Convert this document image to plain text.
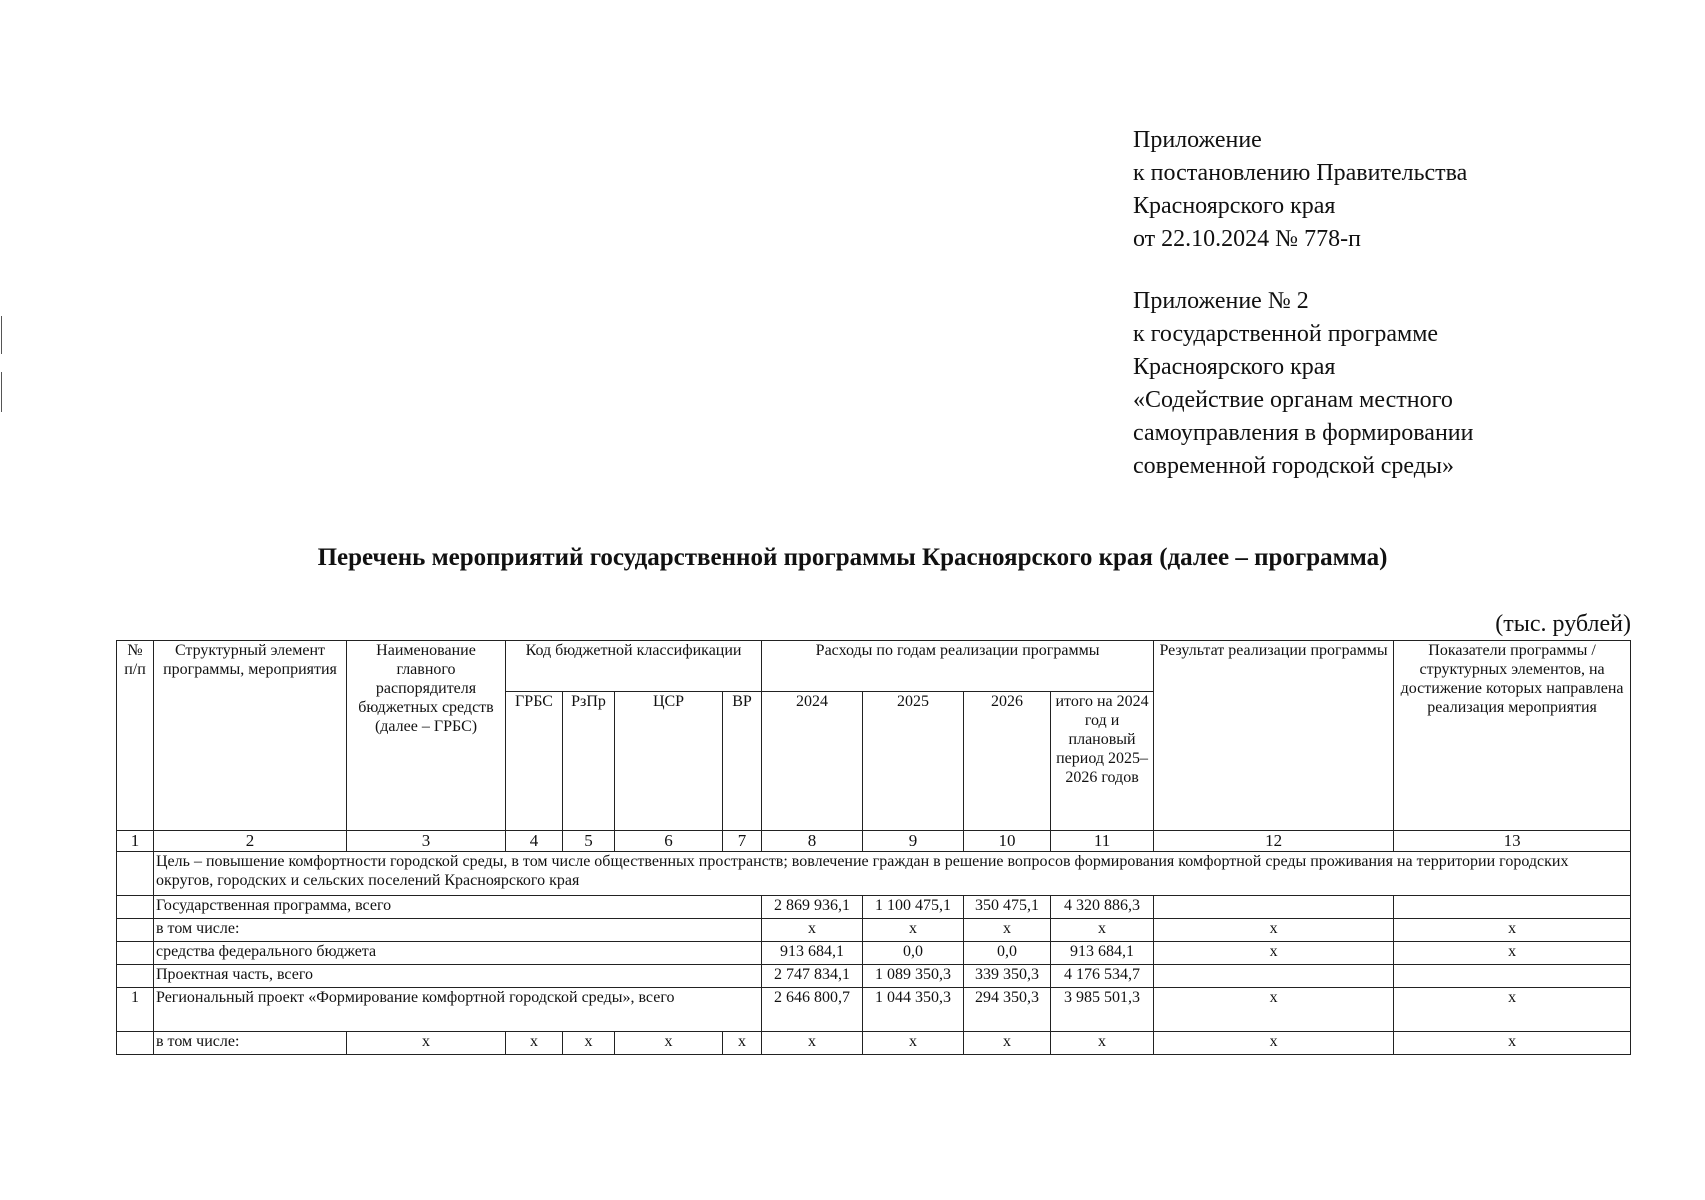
Приложение
к постановлению Правительства
Красноярского края
от 22.10.2024 № 778-п
Приложение № 2
к государственной программе
Красноярского края
«Содействие органам местного
самоуправления в формировании
современной городской среды»
Перечень мероприятий государственной программы Красноярского края (далее – программа)
(тыс. рублей)
№ п/п	Структурный элемент программы, мероприятия	Наименование главного распорядителя бюджетных средств (далее – ГРБС)	Код бюджетной классификации				Расходы по годам реализации программы				Результат реализации программы	Показатели программы / структурных элементов, на достижение которых направлена реализация мероприятия
			ГРБС	РзПр	ЦСР	ВР	2024	2025	2026	итого на 2024 год и плановый период 2025–2026 годов		
1	2	3	4	5	6	7	8	9	10	11	12	13
	Цель – повышение комфортности городской среды, в том числе общественных пространств; вовлечение граждан в решение вопросов формирования комфортной среды проживания на территории городских округов, городских и сельских поселений Красноярского края											
	Государственная программа, всего						2 869 936,1	1 100 475,1	350 475,1	4 320 886,3		
	в том числе:						х	х	х	х	х	х
	средства федерального бюджета						913 684,1	0,0	0,0	913 684,1	х	х
	Проектная часть, всего						2 747 834,1	1 089 350,3	339 350,3	4 176 534,7		
1	Региональный проект «Формирование комфортной городской среды», всего						2 646 800,7	1 044 350,3	294 350,3	3 985 501,3	х	х
	в том числе:	х	х	х	х	х	х	х	х	х	х	х
